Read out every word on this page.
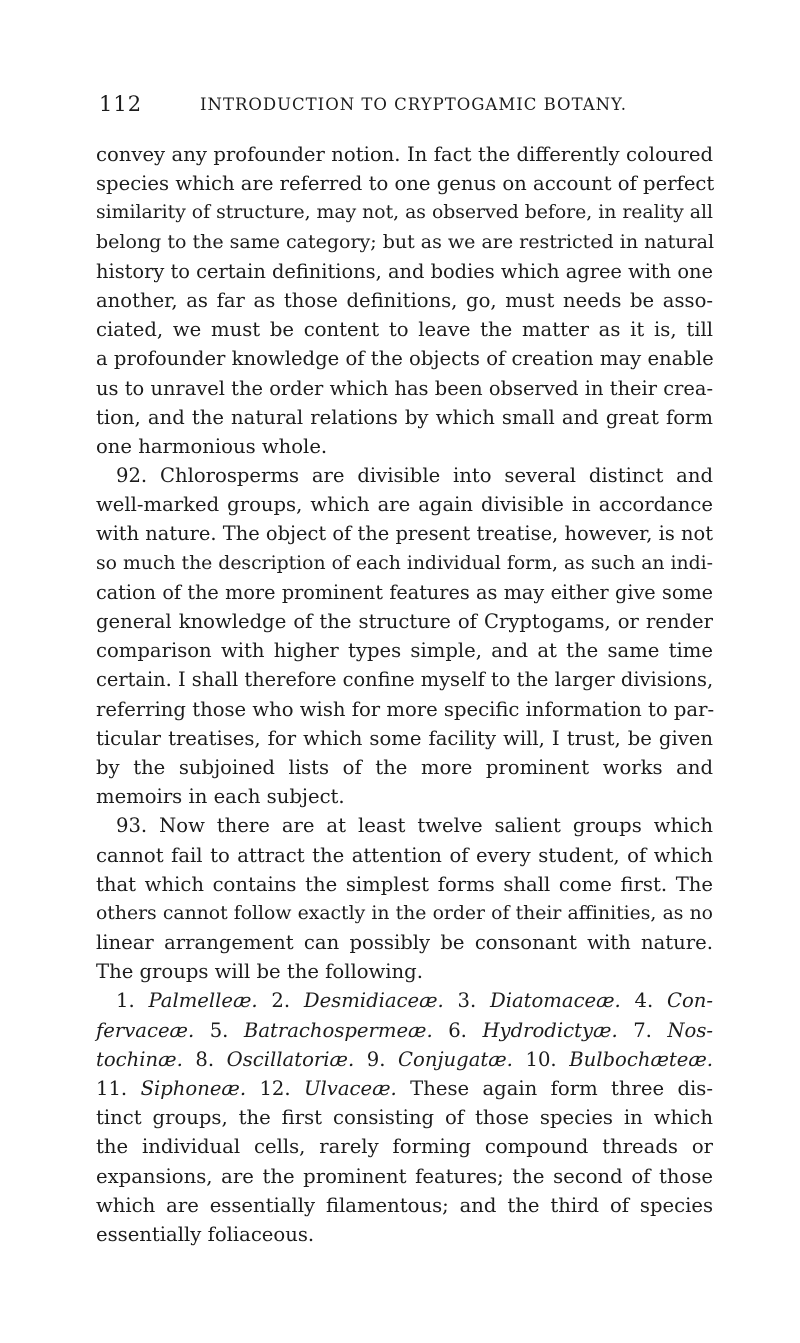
112	INTRODUCTION TO CRYPTOGAMIC BOTANY.
convey any profounder notion. In fact the differently coloured
species which are referred to one genus on account of perfect
similarity of structure, may not, as observed before, in reality all
belong to the same category; but as we are restricted in natural
history to certain definitions, and bodies which agree with one
another, as far as those definitions, go, must needs be asso-
ciated, we must be content to leave the matter as it is, till
a profounder knowledge of the objects of creation may enable
us to unravel the order which has been observed in their crea-
tion, and the natural relations by which small and great form
one harmonious whole.
92. Chlorosperms are divisible into several distinct and
well-marked groups, which are again divisible in accordance
with nature. The object of the present treatise, however, is not
so much the description of each individual form, as such an indi-
cation of the more prominent features as may either give some
general knowledge of the structure of Cryptogams, or render
comparison with higher types simple, and at the same time
certain. I shall therefore confine myself to the larger divisions,
referring those who wish for more specific information to par-
ticular treatises, for which some facility will, I trust, be given
by the subjoined lists of the more prominent works and
memoirs in each subject.
93. Now there are at least twelve salient groups which
cannot fail to attract the attention of every student, of which
that which contains the simplest forms shall come first. The
others cannot follow exactly in the order of their affinities, as no
linear arrangement can possibly be consonant with nature.
The groups will be the following.
1. Palmelleæ. 2. Desmidiaceæ. 3. Diatomaceæ. 4. Con-
fervaceæ. 5. Batrachospermeæ. 6. Hydrodictyæ. 7. Nos-
tochinæ. 8. Oscillatoriæ. 9. Conjugatæ. 10. Bulbochæteæ.
11. Siphoneæ. 12. Ulvaceæ. These again form three dis-
tinct groups, the first consisting of those species in which
the individual cells, rarely forming compound threads or
expansions, are the prominent features; the second of those
which are essentially filamentous; and the third of species
essentially foliaceous.
